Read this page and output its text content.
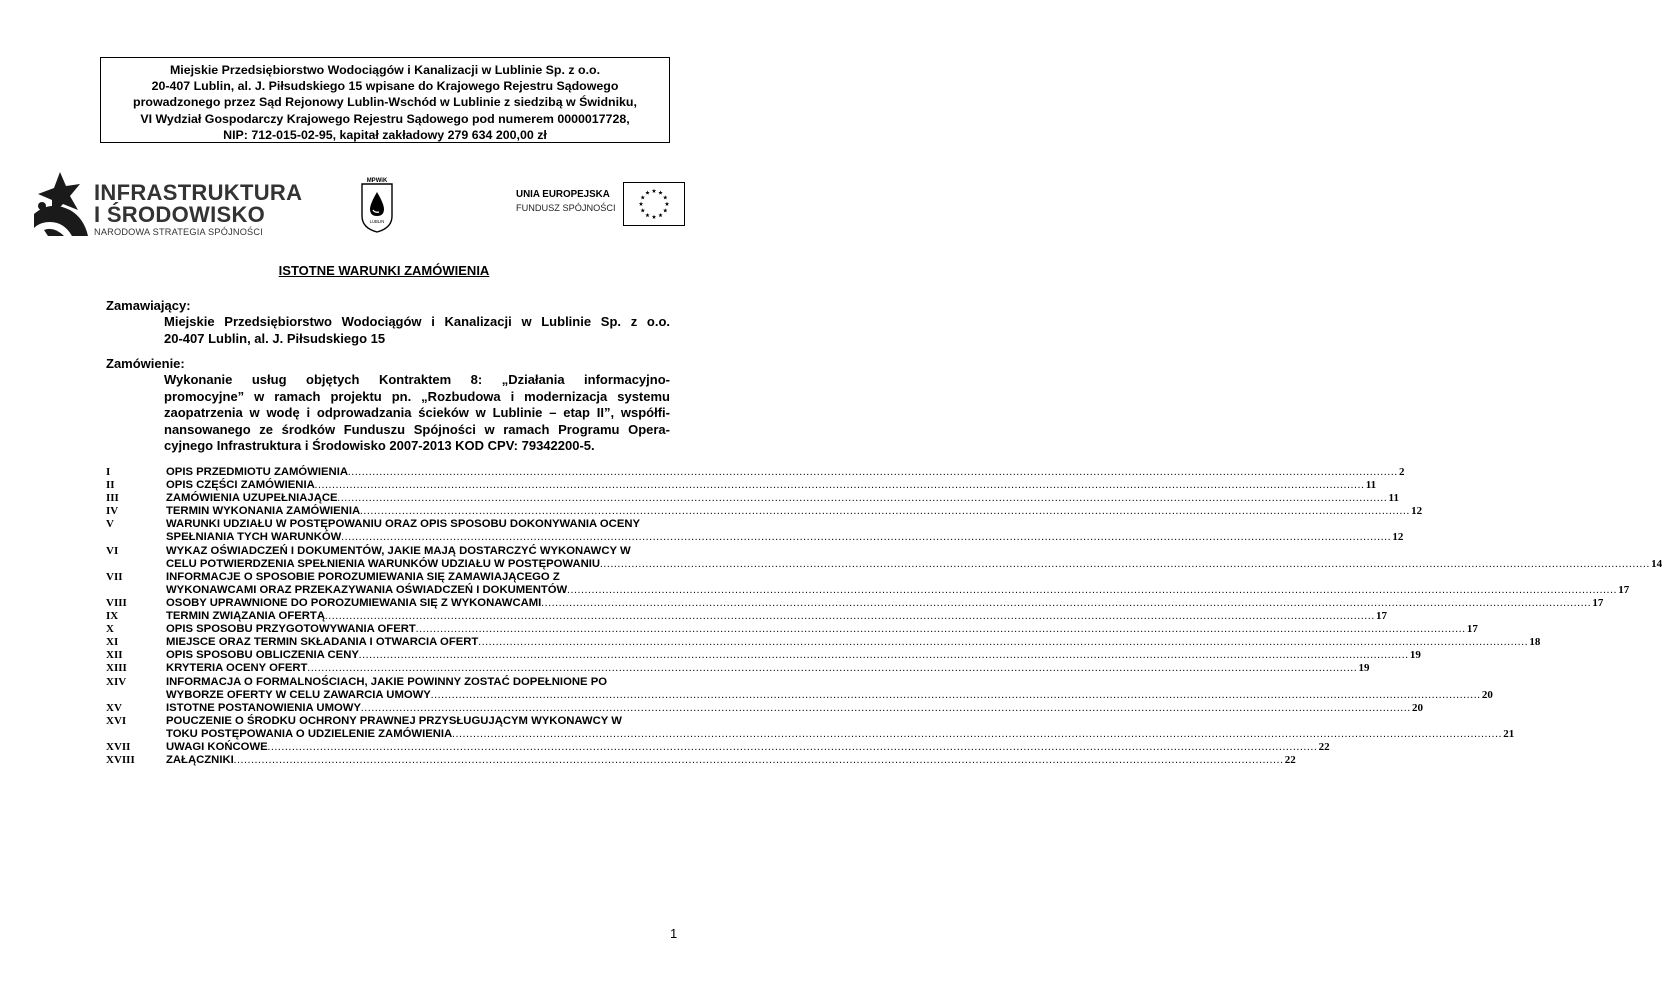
Miejskie Przedsiębiorstwo Wodociągów i Kanalizacji w Lublinie Sp. z o.o.
20-407 Lublin, al. J. Piłsudskiego 15 wpisane do Krajowego Rejestru Sądowego
prowadzonego przez Sąd Rejonowy Lublin-Wschód w Lublinie z siedzibą w Świdniku,
VI Wydział Gospodarczy Krajowego Rejestru Sądowego pod numerem 0000017728,
NIP: 712-015-02-95, kapitał zakładowy 279 634 200,00 zł
INFRASTRUKTURA
I ŚRODOWISKO
NARODOWA STRATEGIA SPÓJNOŚCI
MPWiK
LUBLIN
UNIA EUROPEJSKA
FUNDUSZ SPÓJNOŚCI
ISTOTNE WARUNKI ZAMÓWIENIA
Zamawiający:
Miejskie Przedsiębiorstwo Wodociągów i Kanalizacji w Lublinie Sp. z o.o.
20-407 Lublin, al. J. Piłsudskiego 15
Zamówienie:
Wykonanie usług objętych Kontraktem 8: „Działania informacyjno-
promocyjne” w ramach projektu pn. „Rozbudowa i modernizacja systemu
zaopatrzenia w wodę i odprowadzania ścieków w Lublinie – etap II”, współfi-
nansowanego ze środków Funduszu Spójności w ramach Programu Opera-
cyjnego Infrastruktura i Środowisko 2007-2013 KOD CPV: 79342200-5.
I	OPIS PRZEDMIOTU ZAMÓWIENIA ............................................................................................................................................................................................................................................................................................................ 2
II	OPIS CZĘŚCI ZAMÓWIENIA ............................................................................................................................................................................................................................................................................................................ 11
III	ZAMÓWIENIA UZUPEŁNIAJĄCE ............................................................................................................................................................................................................................................................................................................ 11
IV	TERMIN WYKONANIA ZAMÓWIENIA ............................................................................................................................................................................................................................................................................................................ 12
V	WARUNKI UDZIAŁU W POSTĘPOWANIU ORAZ OPIS SPOSOBU DOKONYWANIA OCENY
SPEŁNIANIA TYCH WARUNKÓW ............................................................................................................................................................................................................................................................................................................ 12
VI	WYKAZ OŚWIADCZEŃ I DOKUMENTÓW, JAKIE MAJĄ DOSTARCZYĆ WYKONAWCY W
CELU POTWIERDZENIA SPEŁNIENIA WARUNKÓW UDZIAŁU W POSTĘPOWANIU ............................................................................................................................................................................................................................................................................................................ 14
VII	INFORMACJE O SPOSOBIE POROZUMIEWANIA SIĘ ZAMAWIAJĄCEGO Z
WYKONAWCAMI ORAZ PRZEKAZYWANIA OŚWIADCZEŃ I DOKUMENTÓW ............................................................................................................................................................................................................................................................................................................ 17
VIII	OSOBY UPRAWNIONE DO POROZUMIEWANIA SIĘ Z WYKONAWCAMI ............................................................................................................................................................................................................................................................................................................ 17
IX	TERMIN ZWIĄZANIA OFERTĄ ............................................................................................................................................................................................................................................................................................................ 17
X	OPIS SPOSOBU PRZYGOTOWYWANIA OFERT ............................................................................................................................................................................................................................................................................................................ 17
XI	MIEJSCE ORAZ TERMIN SKŁADANIA I OTWARCIA OFERT ............................................................................................................................................................................................................................................................................................................ 18
XII	OPIS SPOSOBU OBLICZENIA CENY ............................................................................................................................................................................................................................................................................................................ 19
XIII	KRYTERIA OCENY OFERT ............................................................................................................................................................................................................................................................................................................ 19
XIV	INFORMACJA O FORMALNOŚCIACH, JAKIE POWINNY ZOSTAĆ DOPEŁNIONE PO
WYBORZE OFERTY W CELU ZAWARCIA UMOWY ............................................................................................................................................................................................................................................................................................................ 20
XV	ISTOTNE POSTANOWIENIA UMOWY ............................................................................................................................................................................................................................................................................................................ 20
XVI	POUCZENIE O ŚRODKU OCHRONY PRAWNEJ PRZYSŁUGUJĄCYM WYKONAWCY W
TOKU POSTĘPOWANIA O UDZIELENIE ZAMÓWIENIA ............................................................................................................................................................................................................................................................................................................ 21
XVII	UWAGI KOŃCOWE ............................................................................................................................................................................................................................................................................................................ 22
XVIII	ZAŁĄCZNIKI ............................................................................................................................................................................................................................................................................................................ 22
1
